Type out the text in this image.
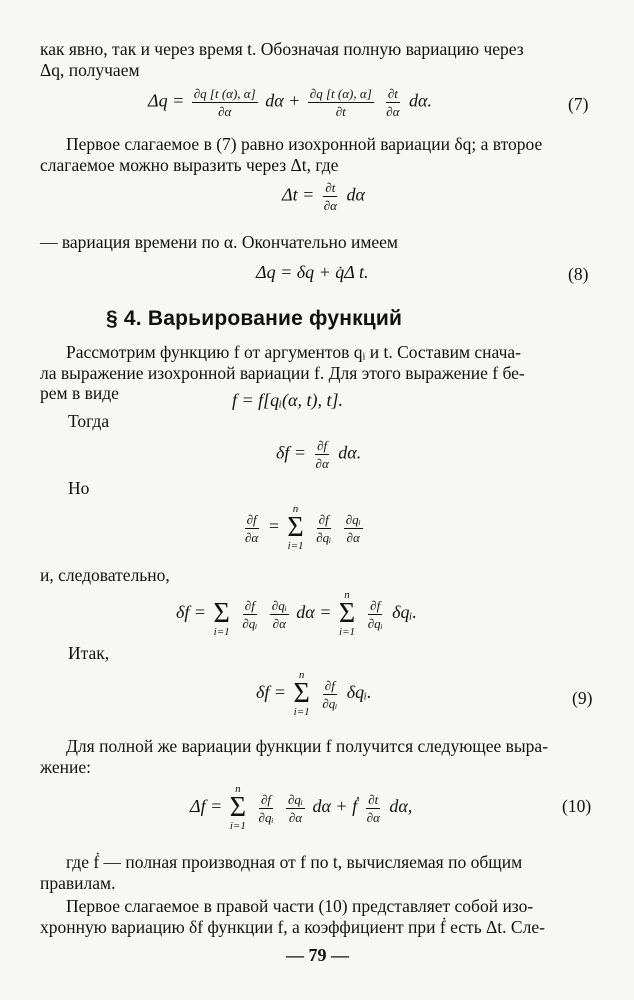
как явно, так и через время t. Обозначая полную вариацию через
Δq, получаем
$\Delta q = \frac{\partial q [t (\alpha), \alpha]}{\partial\alpha}$ $d\alpha + \frac{\partial q [t (\alpha), \alpha]}{\partial t}$
$\frac{\partial t}{\partial\alpha} d\alpha$.	(7)
Первое слагаемое в (7) равно изохронной вариации δq; а второе
слагаемое можно выразить через Δt, где
$\Delta t = \frac{\partial t}{\partial\alpha}$ dα
— вариация времени по α. Окончательно имеем
Δq = δq + q̇Δ t.	(8)
§ 4. Варьирование функций
Рассмотрим функцию f от аргументов qᵢ и t. Составим снача-
ла выражение изохронной вариации f. Для этого выражение f бе-
рем в виде	f = f[qᵢ(α, t), t].
Тогда
$\delta f = \frac{\partial f}{\partial\alpha} d\alpha$.
Но
$\frac{\partial f}{\partial\alpha}$ =
n
Σ
i=1

$\frac{\partial f}{\text{∂qᵢ}}$
$\frac{\text{∂qᵢ}}{\partial\alpha}$
и, следовательно,
δf =
Σ
i=1

$\frac{\partial f}{\text{∂qᵢ}}$
$\frac{\text{∂qᵢ}}{\partial\alpha}$ dα =
n
Σ
i=1

$\frac{\partial f}{\text{∂qᵢ}}$ δqᵢ.
Итак,
δf =
n
Σ
i=1

$\frac{\partial f}{\text{∂qᵢ}}$ δqᵢ.	(9)
Для полной же вариации функции f получится следующее выра-
жение:
Δf =
n
Σ
i=1

$\frac{\partial f}{\text{∂qᵢ}}$
$\frac{\text{∂qᵢ}}{\partial\alpha}$ dα + ḟ $\frac{\partial t}{\partial\alpha} d\alpha$,	(10)
где ḟ — полная производная от f по t, вычисляемая по общим
правилам.
Первое слагаемое в правой части (10) представляет собой изо-
хронную вариацию δf функции f, а коэффициент при ḟ есть Δt. Сле-
— 79 —
